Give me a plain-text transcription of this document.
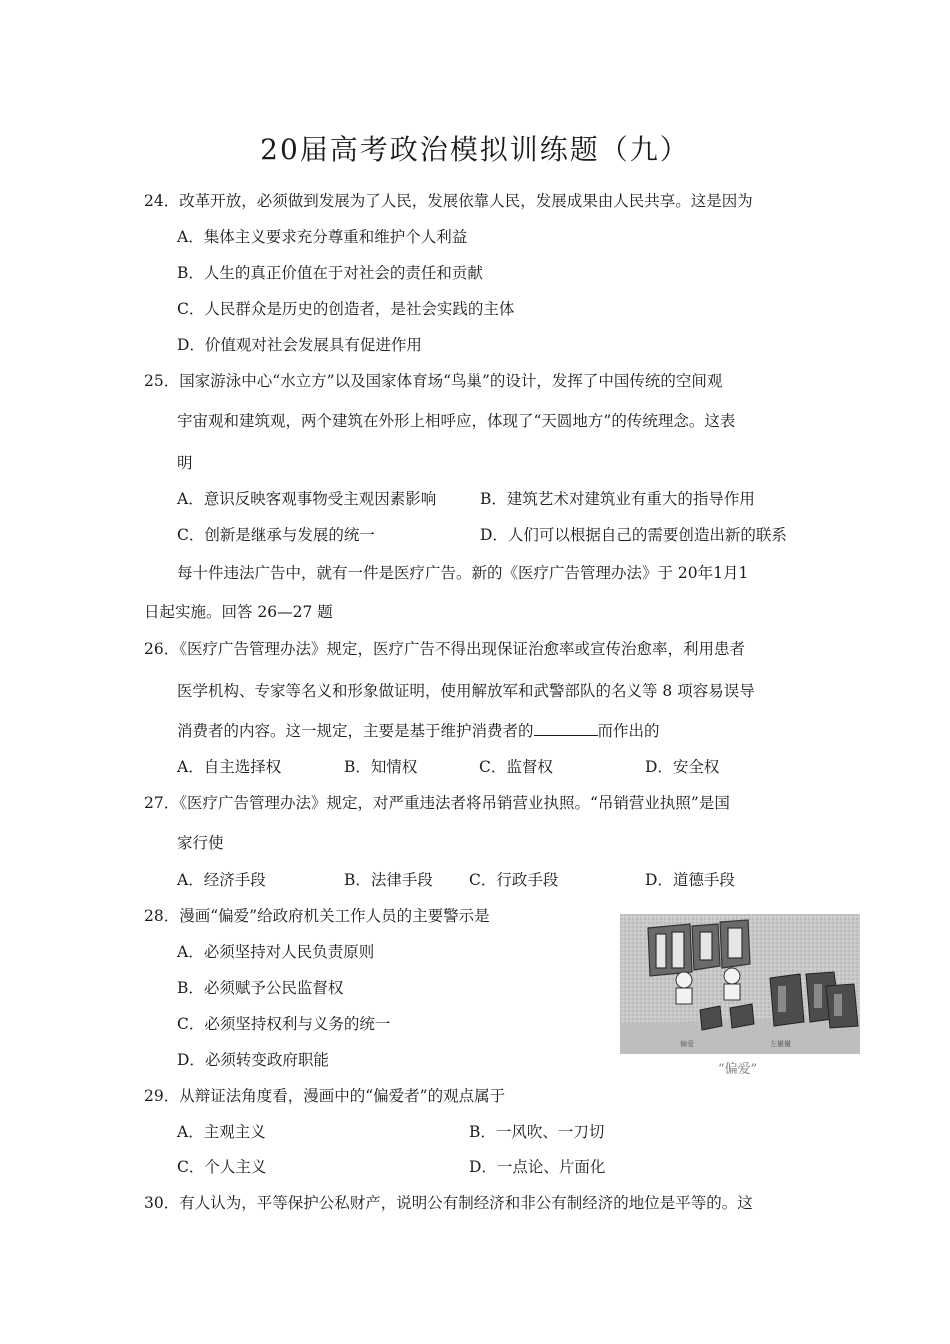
20届高考政治模拟训练题（九）
24．改革开放，必须做到发展为了人民，发展依靠人民，发展成果由人民共享。这是因为
A．集体主义要求充分尊重和维护个人利益
B．人生的真正价值在于对社会的责任和贡献
C．人民群众是历史的创造者，是社会实践的主体
D．价值观对社会发展具有促进作用
25．国家游泳中心“水立方”以及国家体育场“鸟巢”的设计，发挥了中国传统的空间观
宇宙观和建筑观，两个建筑在外形上相呼应，体现了“天圆地方”的传统理念。这表
明
A．意识反映客观事物受主观因素影响	B．建筑艺术对建筑业有重大的指导作用
C．创新是继承与发展的统一	D．人们可以根据自己的需要创造出新的联系
每十件违法广告中，就有一件是医疗广告。新的《医疗广告管理办法》于 20年1月1
日起实施。回答 26—27 题
26．《医疗广告管理办法》规定，医疗广告不得出现保证治愈率或宣传治愈率，利用患者
医学机构、专家等名义和形象做证明，使用解放军和武警部队的名义等 8 项容易误导
消费者的内容。这一规定，主要是基于维护消费者的	而作出的
A．自主选择权	B．知情权	C．监督权	D．安全权
27．《医疗广告管理办法》规定，对严重违法者将吊销营业执照。“吊销营业执照”是国
家行使
A．经济手段	B．法律手段 C．行政手段	D．道德手段
28．漫画“偏爱”给政府机关工作人员的主要警示是
A．必须坚持对人民负责原则
B．必须赋予公民监督权
C．必须坚持权利与义务的统一
D．必须转变政府职能
偏爱	左撇撇
“偏爱”
29．从辩证法角度看，漫画中的“偏爱者”的观点属于
A．主观主义	B．一风吹、一刀切
C．个人主义	D．一点论、片面化
30．有人认为，平等保护公私财产，说明公有制经济和非公有制经济的地位是平等的。这
